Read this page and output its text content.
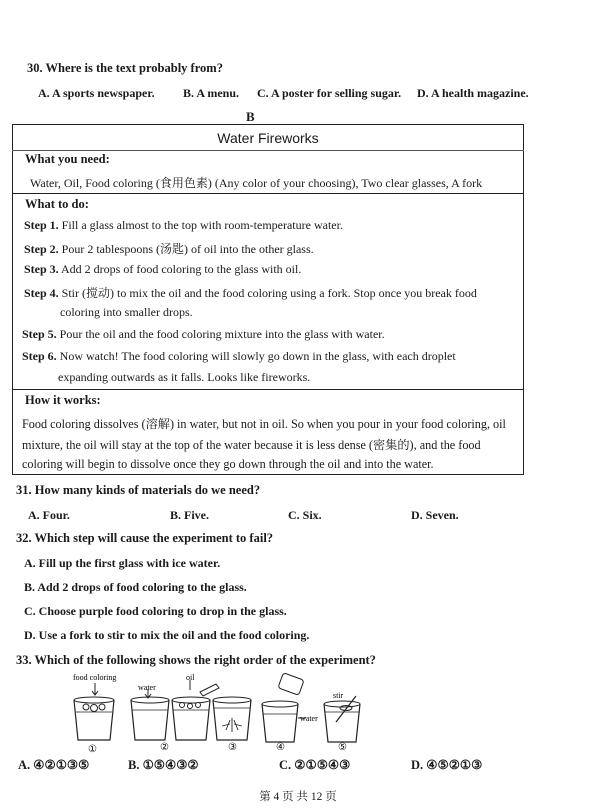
30. Where is the text probably from?
A. A sports newspaper. B. A menu. C. A poster for selling sugar. D. A health magazine.
B
Water Fireworks
What you need:
Water, Oil, Food coloring (食用色素) (Any color of your choosing), Two clear glasses, A fork
What to do:
Step 1. Fill a glass almost to the top with room-temperature water.
Step 2. Pour 2 tablespoons (汤匙) of oil into the other glass.
Step 3. Add 2 drops of food coloring to the glass with oil.
Step 4. Stir (搅动) to mix the oil and the food coloring using a fork. Stop once you break food
coloring into smaller drops.
Step 5. Pour the oil and the food coloring mixture into the glass with water.
Step 6. Now watch! The food coloring will slowly go down in the glass, with each droplet
expanding outwards as it falls. Looks like fireworks.
How it works:
Food coloring dissolves (溶解) in water, but not in oil. So when you pour in your food coloring, oil
mixture, the oil will stay at the top of the water because it is less dense (密集的), and the food
coloring will begin to dissolve once they go down through the oil and into the water.
31. How many kinds of materials do we need?
A. Four.	B. Five.	C. Six.	D. Seven.
32. Which step will cause the experiment to fail?
A. Fill up the first glass with ice water.
B. Add 2 drops of food coloring to the glass.
C. Choose purple food coloring to drop in the glass.
D. Use a fork to stir to mix the oil and the food coloring.
33. Which of the following shows the right order of the experiment?
food coloring
water
oil
water
stir
①	②	③	④	⑤
A. ④②①③⑤	B. ①⑤④③②	C. ②①⑤④③	D. ④⑤②①③
第 4 页 共 12 页
